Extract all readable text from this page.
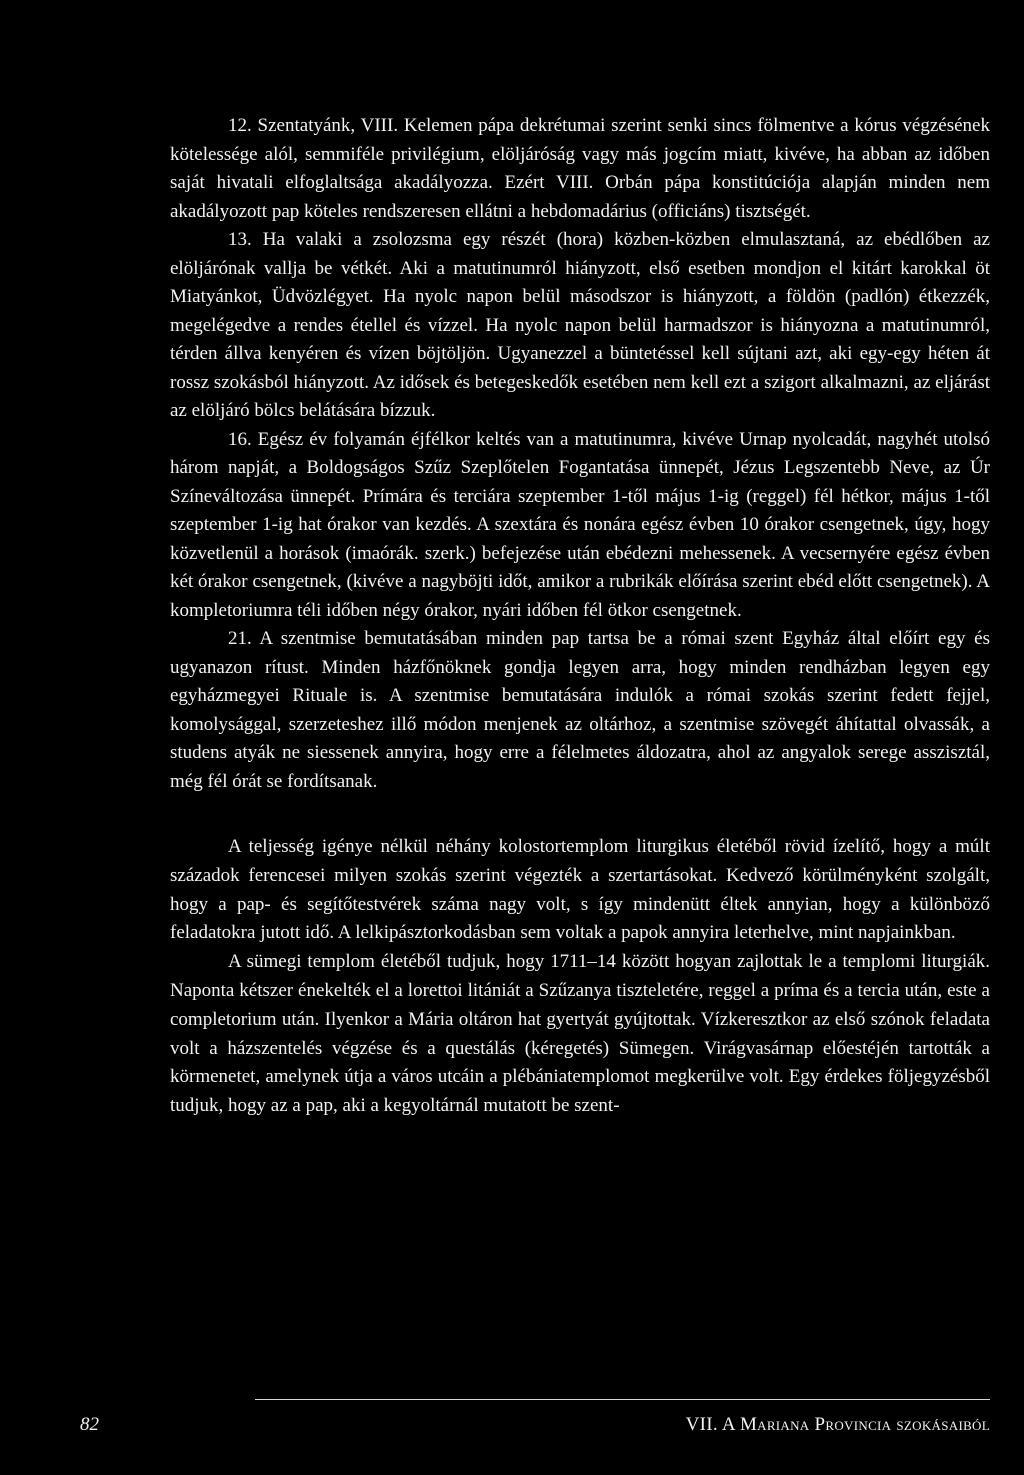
12. Szentatyánk, VIII. Kelemen pápa dekrétumai szerint senki sincs fölmentve a kórus végzésének kötelessége alól, semmiféle privilégium, elöljáróság vagy más jogcím miatt, kivéve, ha abban az időben saját hivatali elfoglaltsága akadályozza. Ezért VIII. Orbán pápa konstitúciója alapján minden nem akadályozott pap köteles rendszeresen ellátni a hebdomadárius (officiáns) tisztségét.

13. Ha valaki a zsolozsma egy részét (hora) közben-közben elmulasztaná, az ebédlőben az elöljárónak vallja be vétkét. Aki a matutinumról hiányzott, első esetben mondjon el kitárt karokkal öt Miatyánkot, Üdvözlégyet. Ha nyolc napon belül másodszor is hiányzott, a földön (padlón) étkezzék, megelégedve a rendes étellel és vízzel. Ha nyolc napon belül harmadszor is hiányozna a matutinumról, térden állva kenyéren és vízen böjtöljön. Ugyanezzel a büntetéssel kell sújtani azt, aki egy-egy héten át rossz szokásból hiányzott. Az idősek és betegeskedők esetében nem kell ezt a szigort alkalmazni, az eljárást az elöljáró bölcs belátására bízzuk.

16. Egész év folyamán éjfélkor keltés van a matutinumra, kivéve Urnap nyolcadát, nagyhét utolsó három napját, a Boldogságos Szűz Szeplőtelen Fogantatása ünnepét, Jézus Legszentebb Neve, az Úr Színeváltozása ünnepét. Prímára és terciára szeptember 1-től május 1-ig (reggel) fél hétkor, május 1-től szeptember 1-ig hat órakor van kezdés. A szextára és nonára egész évben 10 órakor csengetnek, úgy, hogy közvetlenül a horások (imaórák. szerk.) befejezése után ebédezni mehessenek. A vecsernyére egész évben két órakor csengetnek, (kivéve a nagyböjti időt, amikor a rubrikák előírása szerint ebéd előtt csengetnek). A kompletoriumra téli időben négy órakor, nyári időben fél ötkor csengetnek.

21. A szentmise bemutatásában minden pap tartsa be a római szent Egyház által előírt egy és ugyanazon rítust. Minden házfőnöknek gondja legyen arra, hogy minden rendházban legyen egy egyházmegyei Rituale is. A szentmise bemutatására indulók a római szokás szerint fedett fejjel, komolysággal, szerzeteshez illő módon menjenek az oltárhoz, a szentmise szövegét áhítattal olvassák, a studens atyák ne siessenek annyira, hogy erre a félelmetes áldozatra, ahol az angyalok serege asszisztál, még fél órát se fordítsanak.

A teljesség igénye nélkül néhány kolostortemplom liturgikus életéből rövid ízelítő, hogy a múlt századok ferencesei milyen szokás szerint végezték a szertartásokat. Kedvező körülményként szolgált, hogy a pap- és segítőtestvérek száma nagy volt, s így mindenütt éltek annyian, hogy a különböző feladatokra jutott idő. A lelkipásztorkodásban sem voltak a papok annyira leterhelve, mint napjainkban.

A sümegi templom életéből tudjuk, hogy 1711–14 között hogyan zajlottak le a templomi liturgiák. Naponta kétszer énekelték el a lorettoi litániát a Szűzanya tiszteletére, reggel a príma és a tercia után, este a completorium után. Ilyenkor a Mária oltáron hat gyertyát gyújtottak. Vízkeresztkor az első szónok feladata volt a házszentelés végzése és a questálás (kéregetés) Sümegen. Virágvasárnap előestéjén tartották a körmenetet, amelynek útja a város utcáin a plébániatemplomot megkerülve volt. Egy érdekes följegyzésből tudjuk, hogy az a pap, aki a kegyoltárnál mutatott be szent-

82	VII. A Mariana Provincia szokásaiból
